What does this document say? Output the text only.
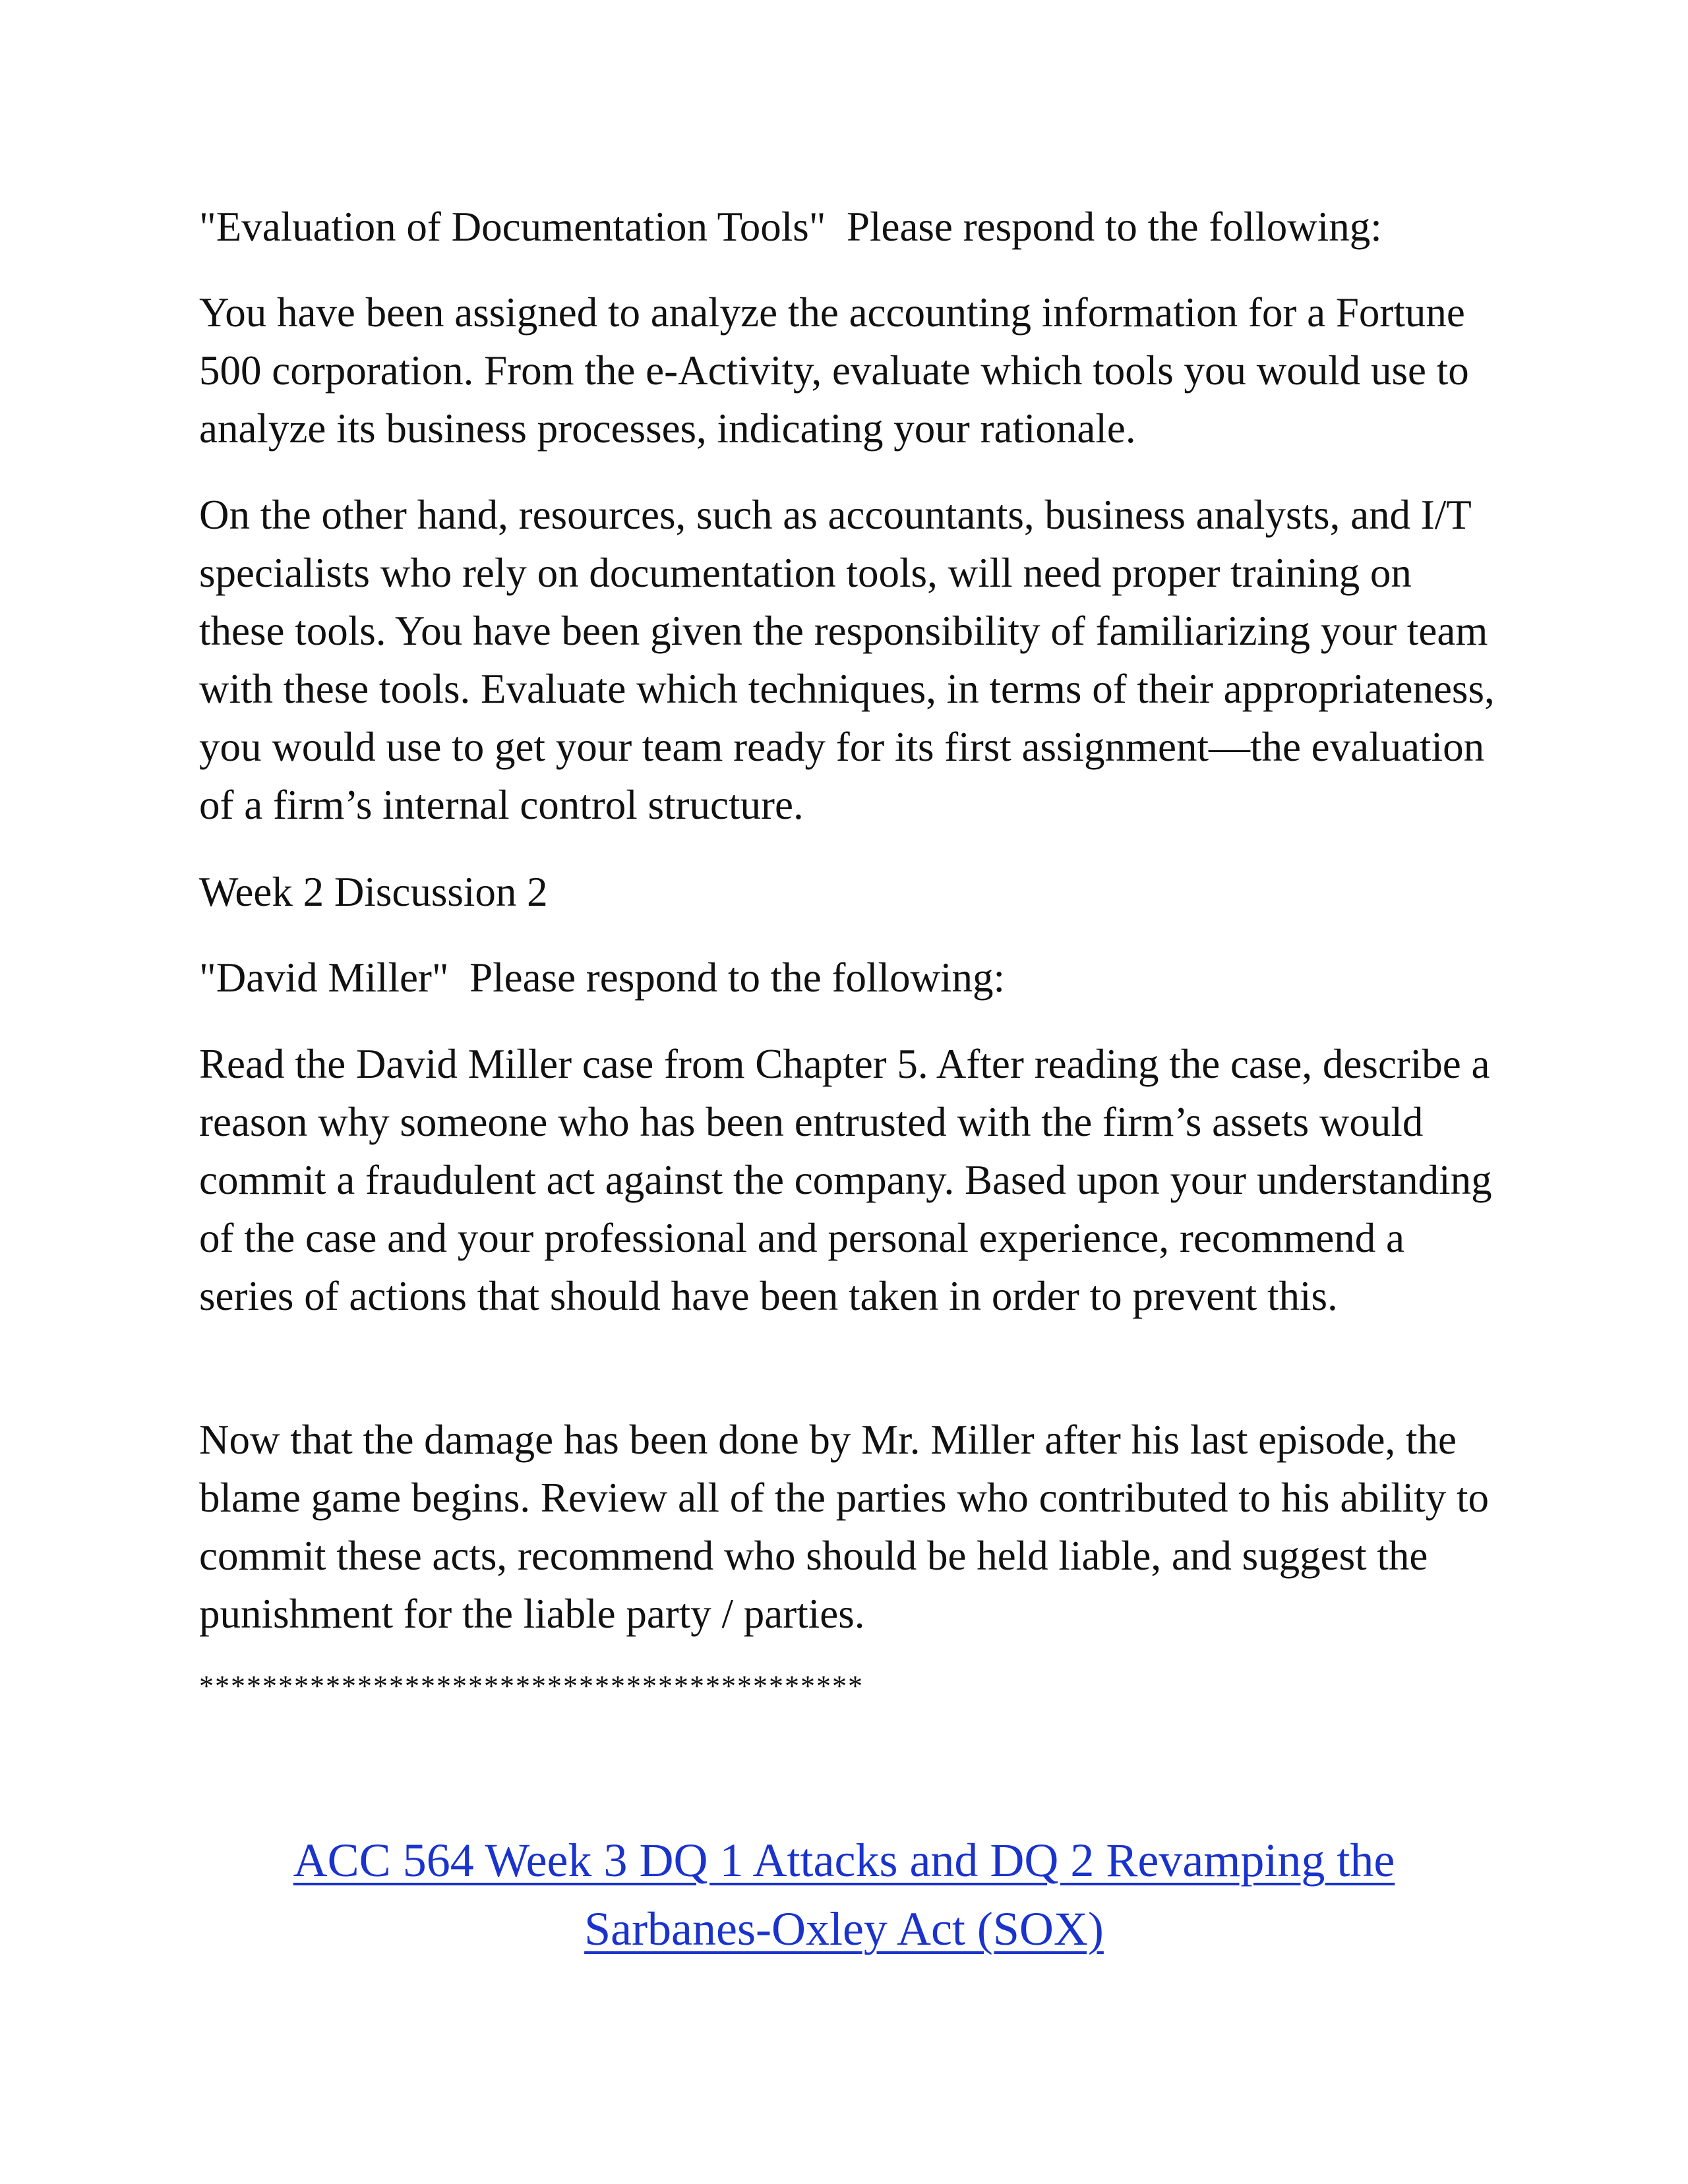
"Evaluation of Documentation Tools"  Please respond to the following:

You have been assigned to analyze the accounting information for a Fortune 500 corporation. From the e-Activity, evaluate which tools you would use to analyze its business processes, indicating your rationale.

On the other hand, resources, such as accountants, business analysts, and I/T specialists who rely on documentation tools, will need proper training on these tools. You have been given the responsibility of familiarizing your team with these tools. Evaluate which techniques, in terms of their appropriateness, you would use to get your team ready for its first assignment—the evaluation of a firm’s internal control structure.

Week 2 Discussion 2

"David Miller"  Please respond to the following:

Read the David Miller case from Chapter 5. After reading the case, describe a reason why someone who has been entrusted with the firm’s assets would commit a fraudulent act against the company. Based upon your understanding of the case and your professional and personal experience, recommend a series of actions that should have been taken in order to prevent this.

Now that the damage has been done by Mr. Miller after his last episode, the blame game begins. Review all of the parties who contributed to his ability to commit these acts, recommend who should be held liable, and suggest the punishment for the liable party / parties.

******************************************

ACC 564 Week 3 DQ 1 Attacks and DQ 2 Revamping the
Sarbanes-Oxley Act (SOX)
